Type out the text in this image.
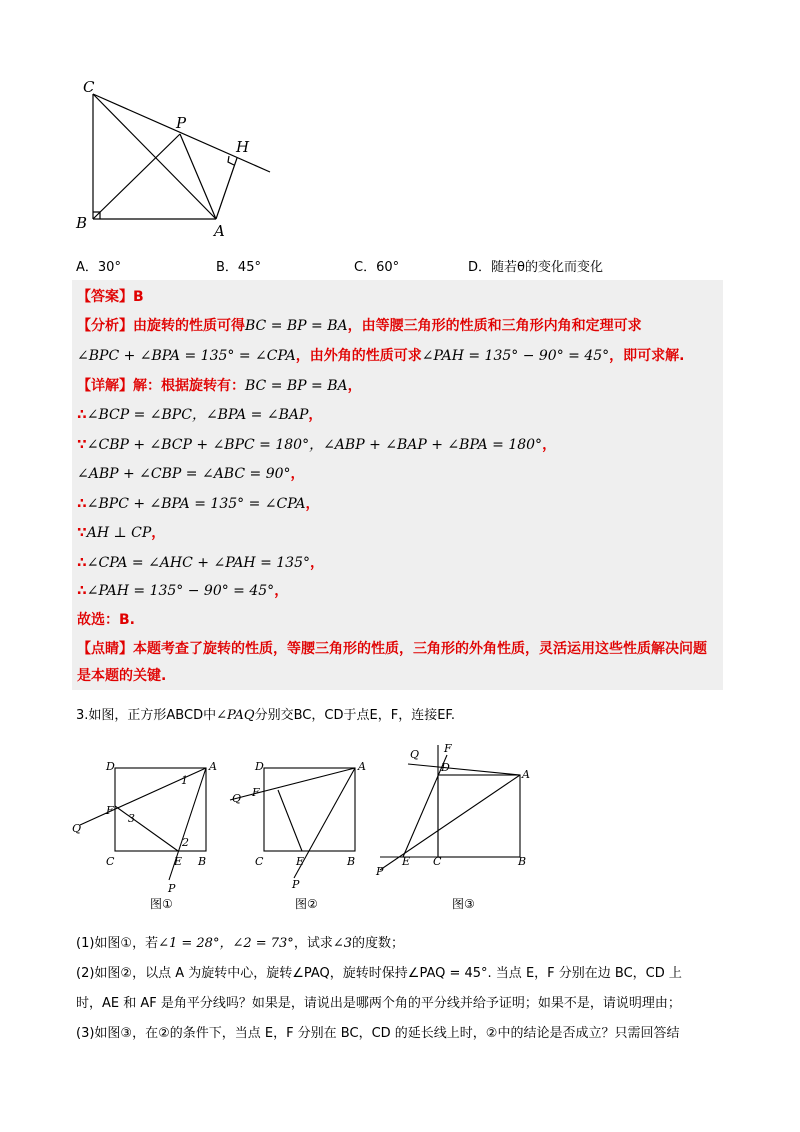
C
P
H
B	A
A．30°	B．45°	C．60°	D．随若θ的变化而变化
【答案】B
【分析】由旋转的性质可得BC = BP = BA，由等腰三角形的性质和三角形内角和定理可求
∠BPC + ∠BPA = 135° = ∠CPA，由外角的性质可求∠PAH = 135° − 90° = 45°，即可求解.
【详解】解：根据旋转有：BC = BP = BA，
∴∠BCP = ∠BPC，∠BPA = ∠BAP，
∵∠CBP + ∠BCP + ∠BPC = 180°，∠ABP + ∠BAP + ∠BPA = 180°，
∠ABP + ∠CBP = ∠ABC = 90°，
∴∠BPC + ∠BPA = 135° = ∠CPA，
∵AH ⊥ CP，
∴∠CPA = ∠AHC + ∠PAH = 135°，
∴∠PAH = 135° − 90° = 45°，
故选：B.
【点睛】本题考查了旋转的性质，等腰三角形的性质，三角形的外角性质，灵活运用这些性质解决问题
是本题的关键.
3.如图，正方形ABCD中∠PAQ分别交BC，CD于点E，F，连接EF.
D	A
C	B
E
P
Q
F
1
2
3
D	A
C	B
E
P
Q F
Q F
D
A
C	B
E
P
图①	图②	图③
(1)如图①，若∠1 = 28°，∠2 = 73°，试求∠3的度数；
(2)如图②，以点 A 为旋转中心，旋转∠PAQ，旋转时保持∠PAQ = 45°. 当点 E，F 分别在边 BC，CD 上
时，AE 和 AF 是角平分线吗？如果是，请说出是哪两个角的平分线并给予证明；如果不是，请说明理由；
(3)如图③，在②的条件下，当点 E，F 分别在 BC，CD 的延长线上时，②中的结论是否成立？只需回答结
